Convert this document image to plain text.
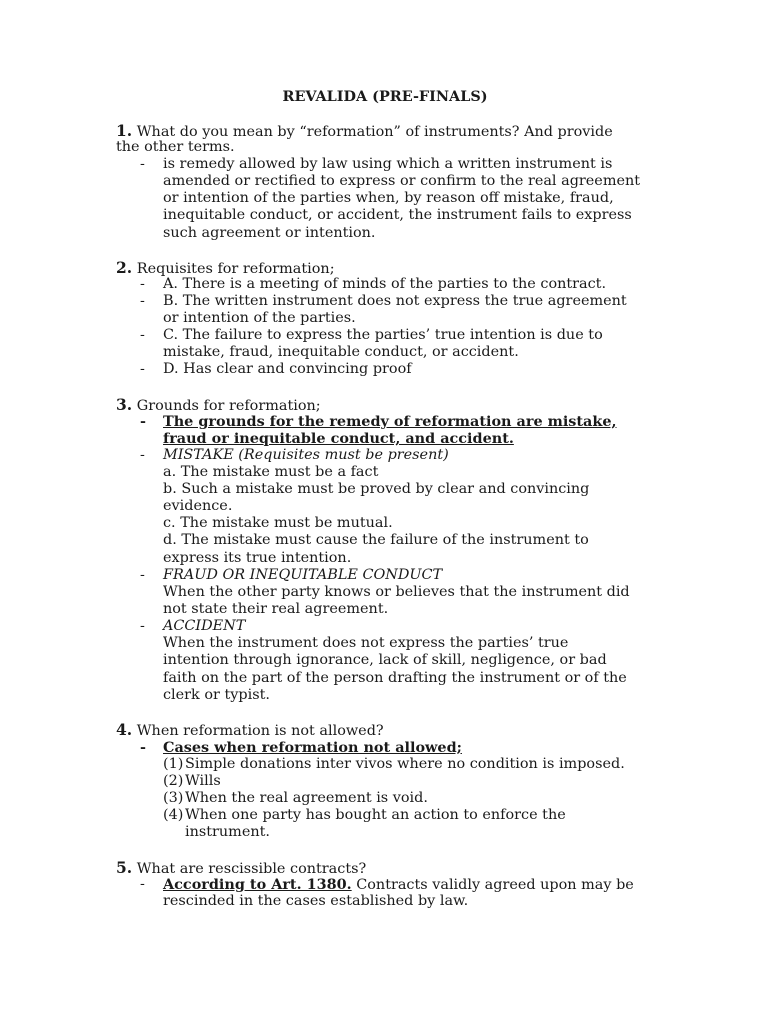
REVALIDA (PRE-FINALS)
1. What do you mean by “reformation” of instruments? And provide
the other terms.
-	is remedy allowed by law using which a written instrument is
amended or rectified to express or confirm to the real agreement
or intention of the parties when, by reason off mistake, fraud,
inequitable conduct, or accident, the instrument fails to express
such agreement or intention.
2. Requisites for reformation;
-	A. There is a meeting of minds of the parties to the contract.
-	B. The written instrument does not express the true agreement
or intention of the parties.
-	C. The failure to express the parties’ true intention is due to
mistake, fraud, inequitable conduct, or accident.
-	D. Has clear and convincing proof
3. Grounds for reformation;
-	The grounds for the remedy of reformation are mistake,
fraud or inequitable conduct, and accident.
-	MISTAKE (Requisites must be present)
a. The mistake must be a fact
b. Such a mistake must be proved by clear and convincing
evidence.
c. The mistake must be mutual.
d. The mistake must cause the failure of the instrument to
express its true intention.
-	FRAUD OR INEQUITABLE CONDUCT
When the other party knows or believes that the instrument did
not state their real agreement.
-	ACCIDENT
When the instrument does not express the parties’ true
intention through ignorance, lack of skill, negligence, or bad
faith on the part of the person drafting the instrument or of the
clerk or typist.
4. When reformation is not allowed?
-	Cases when reformation not allowed;
(1) Simple donations inter vivos where no condition is imposed.
(2) Wills
(3) When the real agreement is void.
(4) When one party has bought an action to enforce the
instrument.
5. What are rescissible contracts?
-	According to Art. 1380. Contracts validly agreed upon may be
rescinded in the cases established by law.
